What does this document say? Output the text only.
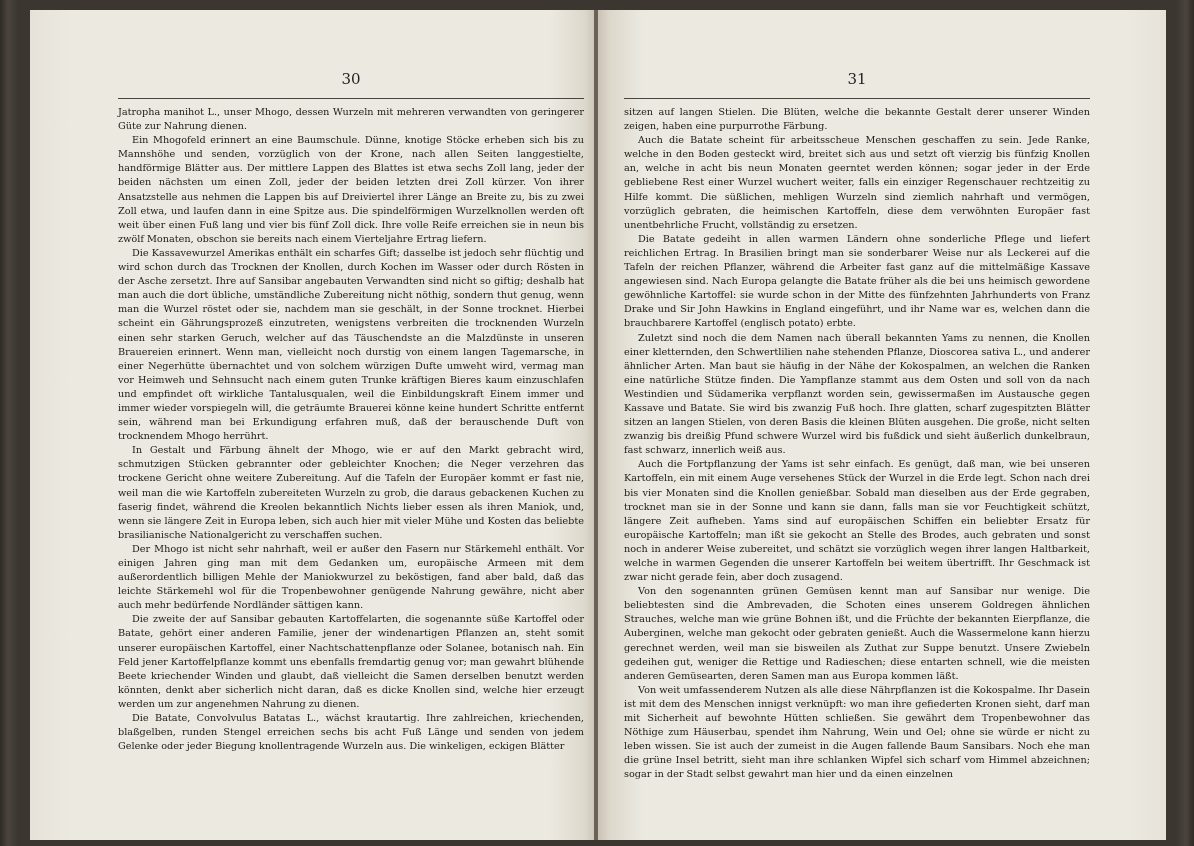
30

Jatropha manihot L., unser Mhogo, dessen Wurzeln mit mehreren verwandten von geringerer Güte zur Nahrung dienen.

Ein Mhogofeld erinnert an eine Baumschule. Dünne, knotige Stöcke erheben sich bis zu Mannshöhe und senden, vorzüglich von der Krone, nach allen Seiten langgestielte, handförmige Blätter aus. Der mittlere Lappen des Blattes ist etwa sechs Zoll lang, jeder der beiden nächsten um einen Zoll, jeder der beiden letzten drei Zoll kürzer. Von ihrer Ansatzstelle aus nehmen die Lappen bis auf Dreiviertel ihrer Länge an Breite zu, bis zu zwei Zoll etwa, und laufen dann in eine Spitze aus. Die spindelförmigen Wurzelknollen werden oft weit über einen Fuß lang und vier bis fünf Zoll dick. Ihre volle Reife erreichen sie in neun bis zwölf Monaten, obschon sie bereits nach einem Vierteljahre Ertrag liefern.

Die Kassavewurzel Amerikas enthält ein scharfes Gift; dasselbe ist jedoch sehr flüchtig und wird schon durch das Trocknen der Knollen, durch Kochen im Wasser oder durch Rösten in der Asche zersetzt. Ihre auf Sansibar angebauten Verwandten sind nicht so giftig; deshalb hat man auch die dort übliche, umständliche Zubereitung nicht nöthig, sondern thut genug, wenn man die Wurzel röstet oder sie, nachdem man sie geschält, in der Sonne trocknet. Hierbei scheint ein Gährungsprozeß einzutreten, wenigstens verbreiten die trocknenden Wurzeln einen sehr starken Geruch, welcher auf das Täuschendste an die Malzdünste in unseren Brauereien erinnert. Wenn man, vielleicht noch durstig von einem langen Tagemarsche, in einer Negerhütte übernachtet und von solchem würzigen Dufte umweht wird, vermag man vor Heimweh und Sehnsucht nach einem guten Trunke kräftigen Bieres kaum einzuschlafen und empfindet oft wirkliche Tantalusqualen, weil die Einbildungskraft Einem immer und immer wieder vorspiegeln will, die geträumte Brauerei könne keine hundert Schritte entfernt sein, während man bei Erkundigung erfahren muß, daß der berauschende Duft von trocknendem Mhogo herrührt.

In Gestalt und Färbung ähnelt der Mhogo, wie er auf den Markt gebracht wird, schmutzigen Stücken gebrannter oder gebleichter Knochen; die Neger verzehren das trockene Gericht ohne weitere Zubereitung. Auf die Tafeln der Europäer kommt er fast nie, weil man die wie Kartoffeln zubereiteten Wurzeln zu grob, die daraus gebackenen Kuchen zu faserig findet, während die Kreolen bekanntlich Nichts lieber essen als ihren Maniok, und, wenn sie längere Zeit in Europa leben, sich auch hier mit vieler Mühe und Kosten das beliebte brasilianische Nationalgericht zu verschaffen suchen.

Der Mhogo ist nicht sehr nahrhaft, weil er außer den Fasern nur Stärkemehl enthält. Vor einigen Jahren ging man mit dem Gedanken um, europäische Armeen mit dem außerordentlich billigen Mehle der Maniokwurzel zu beköstigen, fand aber bald, daß das leichte Stärkemehl wol für die Tropenbewohner genügende Nahrung gewähre, nicht aber auch mehr bedürfende Nordländer sättigen kann.

Die zweite der auf Sansibar gebauten Kartoffelarten, die sogenannte süße Kartoffel oder Batate, gehört einer anderen Familie, jener der windenartigen Pflanzen an, steht somit unserer europäischen Kartoffel, einer Nachtschattenpflanze oder Solanee, botanisch nah. Ein Feld jener Kartoffelpflanze kommt uns ebenfalls fremdartig genug vor; man gewahrt blühende Beete kriechender Winden und glaubt, daß vielleicht die Samen derselben benutzt werden könnten, denkt aber sicherlich nicht daran, daß es dicke Knollen sind, welche hier erzeugt werden um zur angenehmen Nahrung zu dienen.

Die Batate, Convolvulus Batatas L., wächst krautartig. Ihre zahlreichen, kriechenden, blaßgelben, runden Stengel erreichen sechs bis acht Fuß Länge und senden von jedem Gelenke oder jeder Biegung knollentragende Wurzeln aus. Die winkeligen, eckigen Blätter

31

sitzen auf langen Stielen. Die Blüten, welche die bekannte Gestalt derer unserer Winden zeigen, haben eine purpurrothe Färbung.

Auch die Batate scheint für arbeitsscheue Menschen geschaffen zu sein. Jede Ranke, welche in den Boden gesteckt wird, breitet sich aus und setzt oft vierzig bis fünfzig Knollen an, welche in acht bis neun Monaten geerntet werden können; sogar jeder in der Erde gebliebene Rest einer Wurzel wuchert weiter, falls ein einziger Regenschauer rechtzeitig zu Hilfe kommt. Die süßlichen, mehligen Wurzeln sind ziemlich nahrhaft und vermögen, vorzüglich gebraten, die heimischen Kartoffeln, diese dem verwöhnten Europäer fast unentbehrliche Frucht, vollständig zu ersetzen.

Die Batate gedeiht in allen warmen Ländern ohne sonderliche Pflege und liefert reichlichen Ertrag. In Brasilien bringt man sie sonderbarer Weise nur als Leckerei auf die Tafeln der reichen Pflanzer, während die Arbeiter fast ganz auf die mittelmäßige Kassave angewiesen sind. Nach Europa gelangte die Batate früher als die bei uns heimisch gewordene gewöhnliche Kartoffel: sie wurde schon in der Mitte des fünfzehnten Jahrhunderts von Franz Drake und Sir John Hawkins in England eingeführt, und ihr Name war es, welchen dann die brauchbarere Kartoffel (englisch potato) erbte.

Zuletzt sind noch die dem Namen nach überall bekannten Yams zu nennen, die Knollen einer kletternden, den Schwertlilien nahe stehenden Pflanze, Dioscorea sativa L., und anderer ähnlicher Arten. Man baut sie häufig in der Nähe der Kokospalmen, an welchen die Ranken eine natürliche Stütze finden. Die Yampflanze stammt aus dem Osten und soll von da nach Westindien und Südamerika verpflanzt worden sein, gewissermaßen im Austausche gegen Kassave und Batate. Sie wird bis zwanzig Fuß hoch. Ihre glatten, scharf zugespitzten Blätter sitzen an langen Stielen, von deren Basis die kleinen Blüten ausgehen. Die große, nicht selten zwanzig bis dreißig Pfund schwere Wurzel wird bis fußdick und sieht äußerlich dunkelbraun, fast schwarz, innerlich weiß aus.

Auch die Fortpflanzung der Yams ist sehr einfach. Es genügt, daß man, wie bei unseren Kartoffeln, ein mit einem Auge versehenes Stück der Wurzel in die Erde legt. Schon nach drei bis vier Monaten sind die Knollen genießbar. Sobald man dieselben aus der Erde gegraben, trocknet man sie in der Sonne und kann sie dann, falls man sie vor Feuchtigkeit schützt, längere Zeit aufheben. Yams sind auf europäischen Schiffen ein beliebter Ersatz für europäische Kartoffeln; man ißt sie gekocht an Stelle des Brodes, auch gebraten und sonst noch in anderer Weise zubereitet, und schätzt sie vorzüglich wegen ihrer langen Haltbarkeit, welche in warmen Gegenden die unserer Kartoffeln bei weitem übertrifft. Ihr Geschmack ist zwar nicht gerade fein, aber doch zusagend.

Von den sogenannten grünen Gemüsen kennt man auf Sansibar nur wenige. Die beliebtesten sind die Ambrevaden, die Schoten eines unserem Goldregen ähnlichen Strauches, welche man wie grüne Bohnen ißt, und die Früchte der bekannten Eierpflanze, die Auberginen, welche man gekocht oder gebraten genießt. Auch die Wassermelone kann hierzu gerechnet werden, weil man sie bisweilen als Zuthat zur Suppe benutzt. Unsere Zwiebeln gedeihen gut, weniger die Rettige und Radieschen; diese entarten schnell, wie die meisten anderen Gemüsearten, deren Samen man aus Europa kommen läßt.

Von weit umfassenderem Nutzen als alle diese Nährpflanzen ist die Kokospalme. Ihr Dasein ist mit dem des Menschen innigst verknüpft: wo man ihre gefiederten Kronen sieht, darf man mit Sicherheit auf bewohnte Hütten schließen. Sie gewährt dem Tropenbewohner das Nöthige zum Häuserbau, spendet ihm Nahrung, Wein und Oel; ohne sie würde er nicht zu leben wissen. Sie ist auch der zumeist in die Augen fallende Baum Sansibars. Noch ehe man die grüne Insel betritt, sieht man ihre schlanken Wipfel sich scharf vom Himmel abzeichnen; sogar in der Stadt selbst gewahrt man hier und da einen einzelnen
